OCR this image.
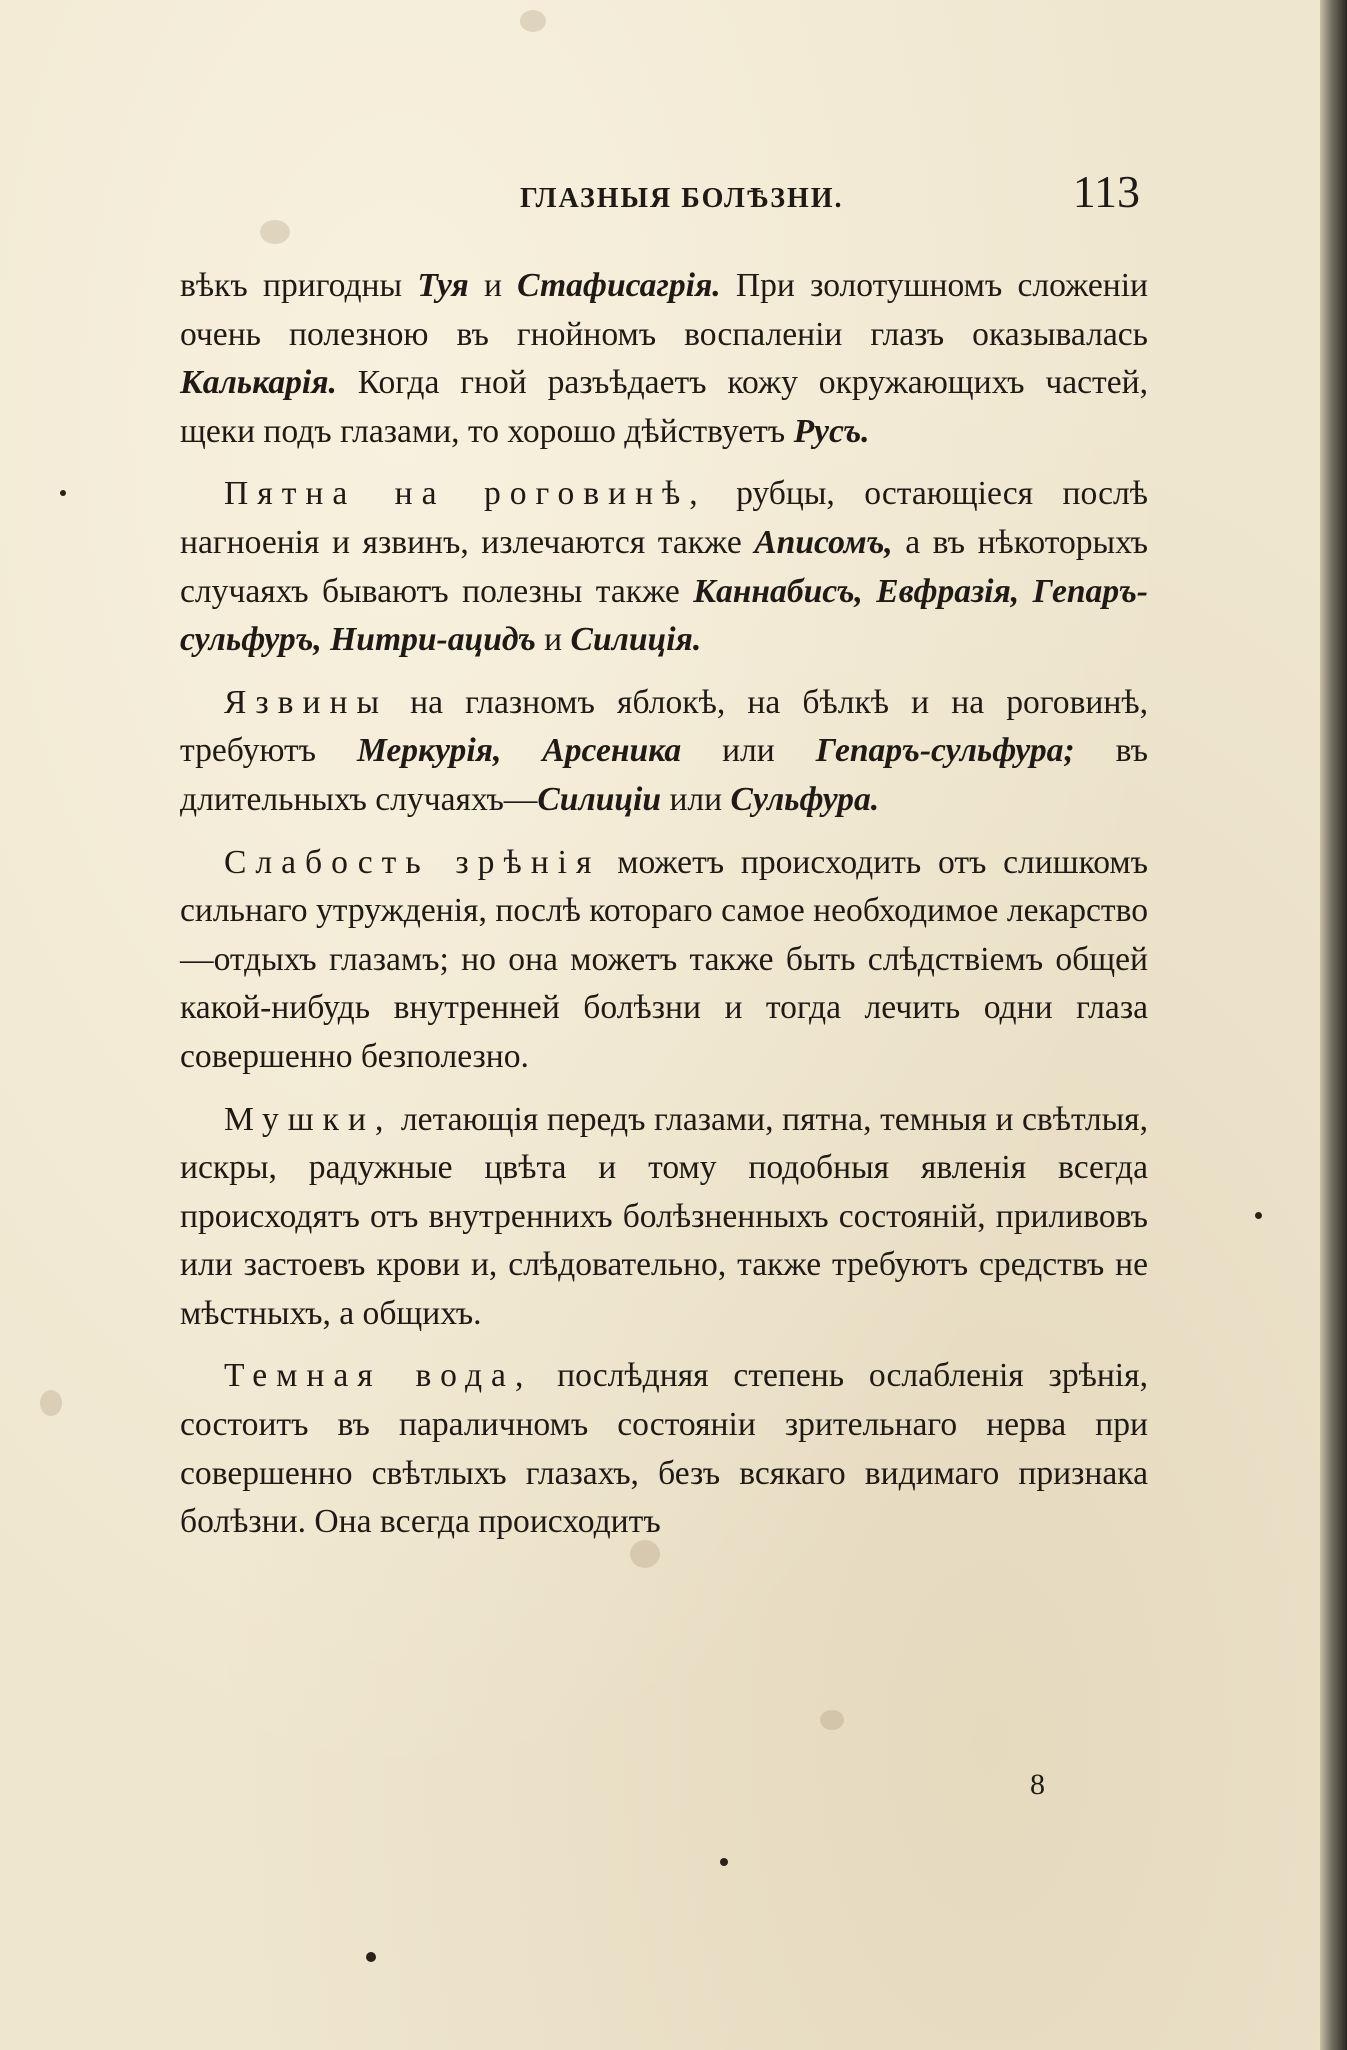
ГЛАЗНЫЯ БОЛѢЗНИ.	113

вѣкъ пригодны Туя и Стафисагрія. При золотушномъ сложеніи очень полезною въ гнойномъ воспаленіи глазъ оказывалась Калькарія. Когда гной разъѣдаетъ кожу окружающихъ частей, щеки подъ глазами, то хорошо дѣйствуетъ Русъ.

Пятна на роговинѣ, рубцы, остающіеся послѣ нагноенія и язвинъ, излечаются также Аписомъ, а въ нѣкоторыхъ случаяхъ бываютъ полезны также Каннабисъ, Евфразія, Гепаръ-сульфуръ, Нитри-ацидъ и Силиція.

Язвины на глазномъ яблокѣ, на бѣлкѣ и на роговинѣ, требуютъ Меркурія, Арсеника или Гепаръ-сульфура; въ длительныхъ случаяхъ—Силиціи или Сульфура.

Слабость зрѣнія можетъ происходить отъ слишкомъ сильнаго утружденія, послѣ котораго самое необходимое лекарство—отдыхъ глазамъ; но она можетъ также быть слѣдствіемъ общей какой-нибудь внутренней болѣзни и тогда лечить одни глаза совершенно безполезно.

Мушки, летающія передъ глазами, пятна, темныя и свѣтлыя, искры, радужные цвѣта и тому подобныя явленія всегда происходятъ отъ внутреннихъ болѣзненныхъ состояній, приливовъ или застоевъ крови и, слѣдовательно, также требуютъ средствъ не мѣстныхъ, а общихъ.

Темная вода, послѣдняя степень ослабленія зрѣнія, состоитъ въ параличномъ состояніи зрительнаго нерва при совершенно свѣтлыхъ глазахъ, безъ всякаго видимаго признака болѣзни. Она всегда происходитъ

8
